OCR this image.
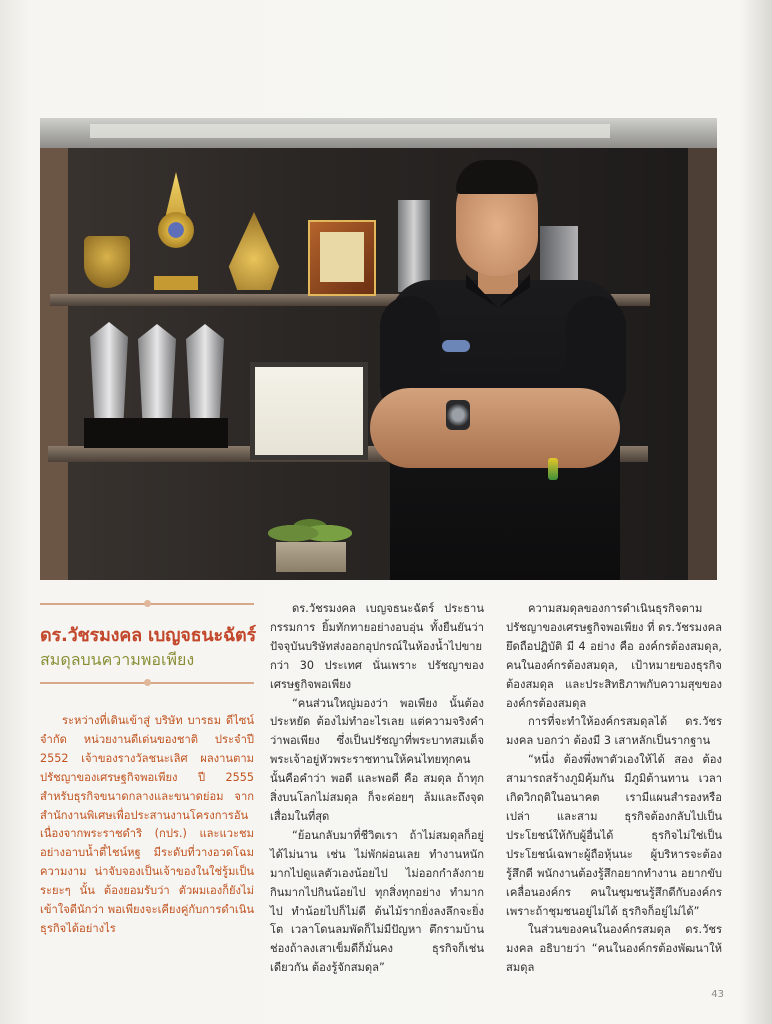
ดร.วัชรมงคล เบญจธนะฉัตร์
สมดุลบนความพอเพียง

ระหว่างที่เดินเข้าสู่ บริษัท บารธม ดีไซน์ จำกัด หน่วยงานดีเด่นของชาติ ประจำปี 2552 เจ้าของรางวัลชนะเลิศ ผลงานตามปรัชญาของเศรษฐกิจพอเพียง ปี 2555 สำหรับธุรกิจขนาดกลางและขนาดย่อม จากสำนักงานพิเศษเพื่อประสานงานโครงการอันเนื่องจากพระราชดำริ (กปร.) และแวะชมอย่างอาบน้ำตี๋ไชน์หฐ มีระดับที่วางอวดโฉมความงาม น่าจับจองเป็นเจ้าของในใช่รู้มเป็นระยะๆ นั้น ต้องยอมรับว่า ตัวผมเองก็ยังไม่เข้าใจดีนักว่า พอเพียงจะเคียงคู่กับการดำเนินธุรกิจได้อย่างไร

ดร.วัชรมงคล เบญจธนะฉัตร์ ประธานกรรมการ ยิ้มทักทายอย่างอบอุ่น ทั้งยืนยันว่า ปัจจุบันบริษัทส่งออกอุปกรณ์ในห้องน้ำไปขายกว่า 30 ประเทศ นั่นเพราะ ปรัชญาของเศรษฐกิจพอเพียง

“คนส่วนใหญ่มองว่า พอเพียง นั้นต้องประหยัด ต้องไม่ทำอะไรเลย แต่ความจริงคำว่าพอเพียง ซึ่งเป็นปรัชญาที่พระบาทสมเด็จพระเจ้าอยู่หัวพระราชทานให้คนไทยทุกคนนั้นคือคำว่า พอดี และพอดี คือ สมดุล ถ้าทุกสิ่งบนโลกไม่สมดุล ก็จะค่อยๆ ล้มและถึงจุดเสื่อมในที่สุด

“ย้อนกลับมาที่ชีวิตเรา ถ้าไม่สมดุลก็อยู่ได้ไม่นาน เช่น ไม่พักผ่อนเลย ทำงานหนักมากไปดูแลตัวเองน้อยไป ไม่ออกกำลังกาย กินมากไปกินน้อยไป ทุกสิ่งทุกอย่าง ทำมากไป ทำน้อยไปก็ไม่ดี ต้นไม้รากยิ่งลงลึกจะยิ่งโต เวลาโดนลมพัดก็ไม่มีปัญหา ตึกรามบ้านช่องถ้าลงเสาเข็มดีก็มั่นคง ธุรกิจก็เช่นเดียวกัน ต้องรู้จักสมดุล”

ความสมดุลของการดำเนินธุรกิจตามปรัชญาของเศรษฐกิจพอเพียง ที่ ดร.วัชรมงคล ยึดถือปฏิบัติ มี 4 อย่าง คือ องค์กรต้องสมดุล, คนในองค์กรต้องสมดุล, เป้าหมายของธุรกิจต้องสมดุล และประสิทธิภาพกับความสุขขององค์กรต้องสมดุล

การที่จะทำให้องค์กรสมดุลได้ ดร.วัชรมงคล บอกว่า ต้องมี 3 เสาหลักเป็นรากฐาน

“หนึ่ง ต้องพึ่งพาตัวเองให้ได้ สอง ต้องสามารถสร้างภูมิคุ้มกัน มีภูมิต้านทาน เวลาเกิดวิกฤติในอนาคต เรามีแผนสำรองหรือเปล่า และสาม ธุรกิจต้องกลับไปเป็นประโยชน์ให้กับผู้อื่นได้ ธุรกิจไม่ใช่เป็นประโยชน์เฉพาะผู้ถือหุ้นนะ ผู้บริหารจะต้องรู้สึกดี พนักงานต้องรู้สึกอยากทำงาน อยากขับเคลื่อนองค์กร คนในชุมชนรู้สึกดีกับองค์กร เพราะถ้าชุมชนอยู่ไม่ได้ ธุรกิจก็อยู่ไม่ได้”

ในส่วนของคนในองค์กรสมดุล ดร.วัชรมงคล อธิบายว่า “คนในองค์กรต้องพัฒนาให้สมดุล

43
